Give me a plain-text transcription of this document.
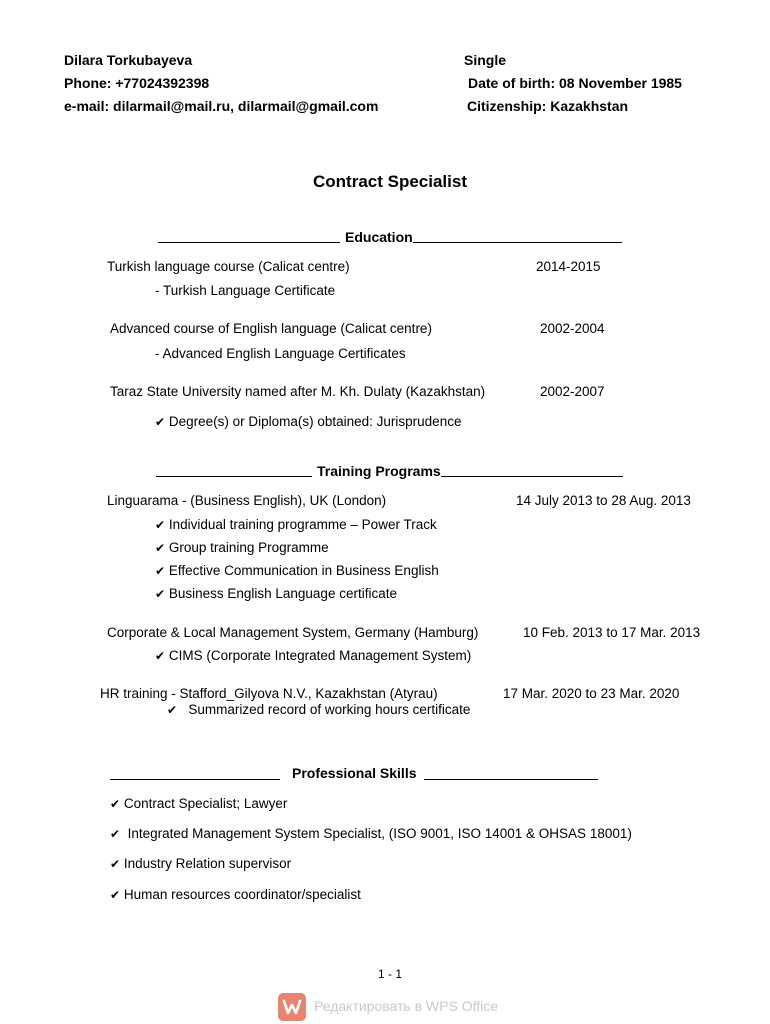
Dilara Torkubayeva
Phone: +77024392398
e-mail: dilarmail@mail.ru, dilarmail@gmail.com
Single
Date of birth: 08 November 1985
Citizenship: Kazakhstan
Contract Specialist
Education
Turkish language course (Calicat centre)	2014-2015
- Turkish Language Certificate
Advanced course of English language (Calicat centre)	2002-2004
- Advanced English Language Certificates
Taraz State University named after M. Kh. Dulaty (Kazakhstan)	2002-2007
✔ Degree(s) or Diploma(s) obtained: Jurisprudence
Training Programs
Linguarama - (Business English), UK (London)	14 July 2013 to 28 Aug. 2013
✔ Individual training programme – Power Track
✔ Group training Programme
✔ Effective Communication in Business English
✔ Business English Language certificate
Corporate & Local Management System, Germany (Hamburg)	10 Feb. 2013 to 17 Mar. 2013
✔ CIMS (Corporate Integrated Management System)
HR training - Stafford_Gilyova N.V., Kazakhstan (Atyrau)	17 Mar. 2020 to 23 Mar. 2020
✔ Summarized record of working hours certificate
Professional Skills
✔ Contract Specialist; Lawyer
✔ Integrated Management System Specialist, (ISO 9001, ISO 14001 & OHSAS 18001)
✔ Industry Relation supervisor
✔ Human resources coordinator/specialist
1 - 1
Редактировать в WPS Office
